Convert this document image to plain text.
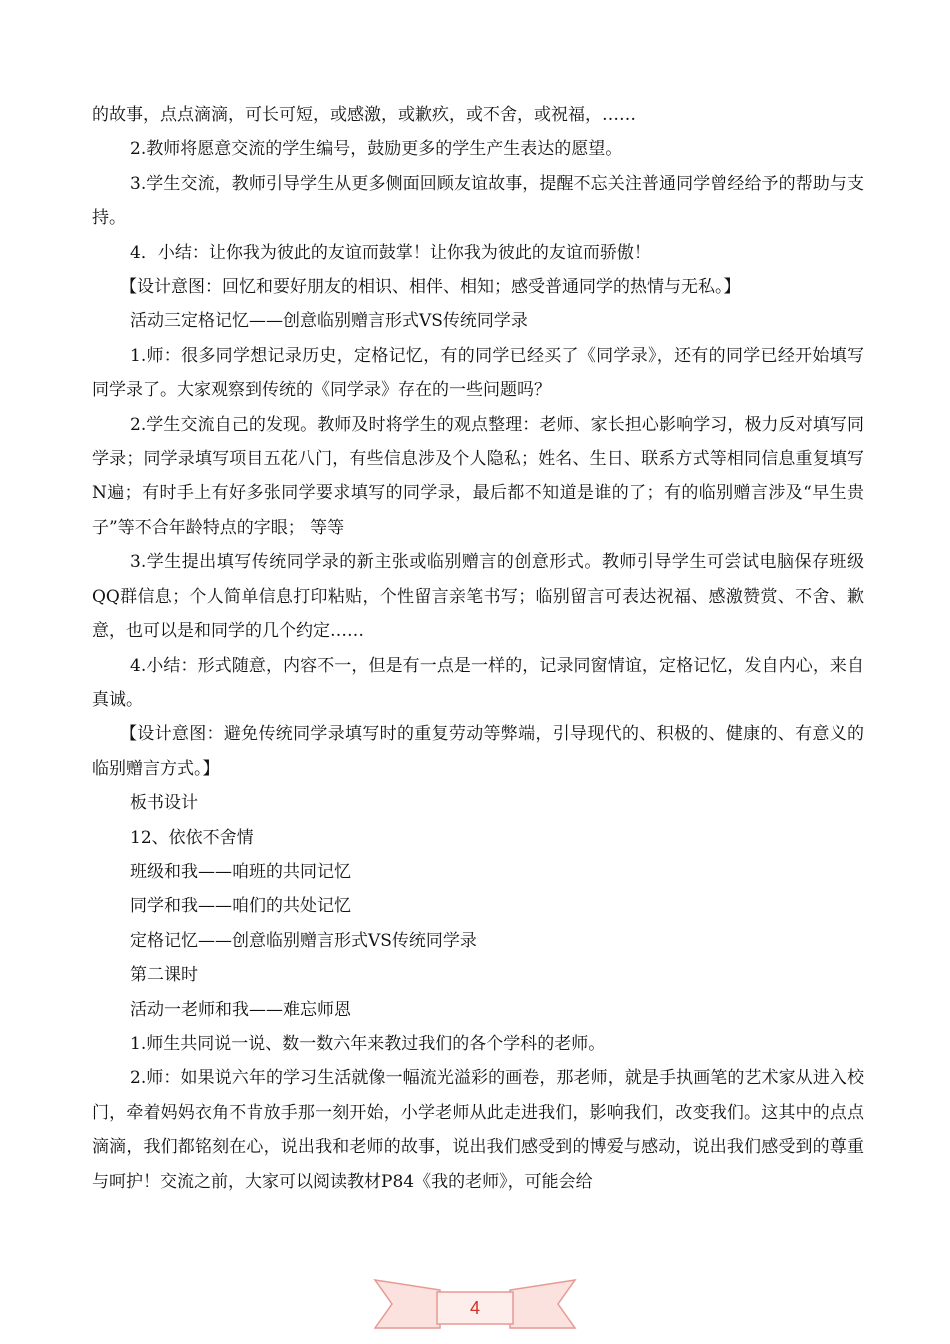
的故事，点点滴滴，可长可短，或感激，或歉疚，或不舍，或祝福，……

2.教师将愿意交流的学生编号，鼓励更多的学生产生表达的愿望。

3.学生交流，教师引导学生从更多侧面回顾友谊故事，提醒不忘关注普通同学曾经给予的帮助与支持。

4．小结：让你我为彼此的友谊而鼓掌！让你我为彼此的友谊而骄傲！

【设计意图：回忆和要好朋友的相识、相伴、相知；感受普通同学的热情与无私。】

活动三定格记忆——创意临别赠言形式VS传统同学录

1.师：很多同学想记录历史，定格记忆，有的同学已经买了《同学录》，还有的同学已经开始填写同学录了。大家观察到传统的《同学录》存在的一些问题吗？

2.学生交流自己的发现。教师及时将学生的观点整理：老师、家长担心影响学习，极力反对填写同学录；同学录填写项目五花八门，有些信息涉及个人隐私；姓名、生日、联系方式等相同信息重复填写N遍；有时手上有好多张同学要求填写的同学录，最后都不知道是谁的了；有的临别赠言涉及“早生贵子”等不合年龄特点的字眼； 等等

3.学生提出填写传统同学录的新主张或临别赠言的创意形式。教师引导学生可尝试电脑保存班级QQ群信息；个人简单信息打印粘贴，个性留言亲笔书写；临别留言可表达祝福、感激赞赏、不舍、歉意，也可以是和同学的几个约定……

4.小结：形式随意，内容不一，但是有一点是一样的，记录同窗情谊，定格记忆，发自内心，来自真诚。

【设计意图：避免传统同学录填写时的重复劳动等弊端，引导现代的、积极的、健康的、有意义的临别赠言方式。】

板书设计

12、依依不舍情

班级和我——咱班的共同记忆

同学和我——咱们的共处记忆

定格记忆——创意临别赠言形式VS传统同学录

第二课时

活动一老师和我——难忘师恩

1.师生共同说一说、数一数六年来教过我们的各个学科的老师。

2.师：如果说六年的学习生活就像一幅流光溢彩的画卷，那老师，就是手执画笔的艺术家从进入校门，牵着妈妈衣角不肯放手那一刻开始，小学老师从此走进我们，影响我们，改变我们。这其中的点点滴滴，我们都铭刻在心，说出我和老师的故事，说出我们感受到的博爱与感动，说出我们感受到的尊重与呵护！交流之前，大家可以阅读教材P84《我的老师》，可能会给

4
